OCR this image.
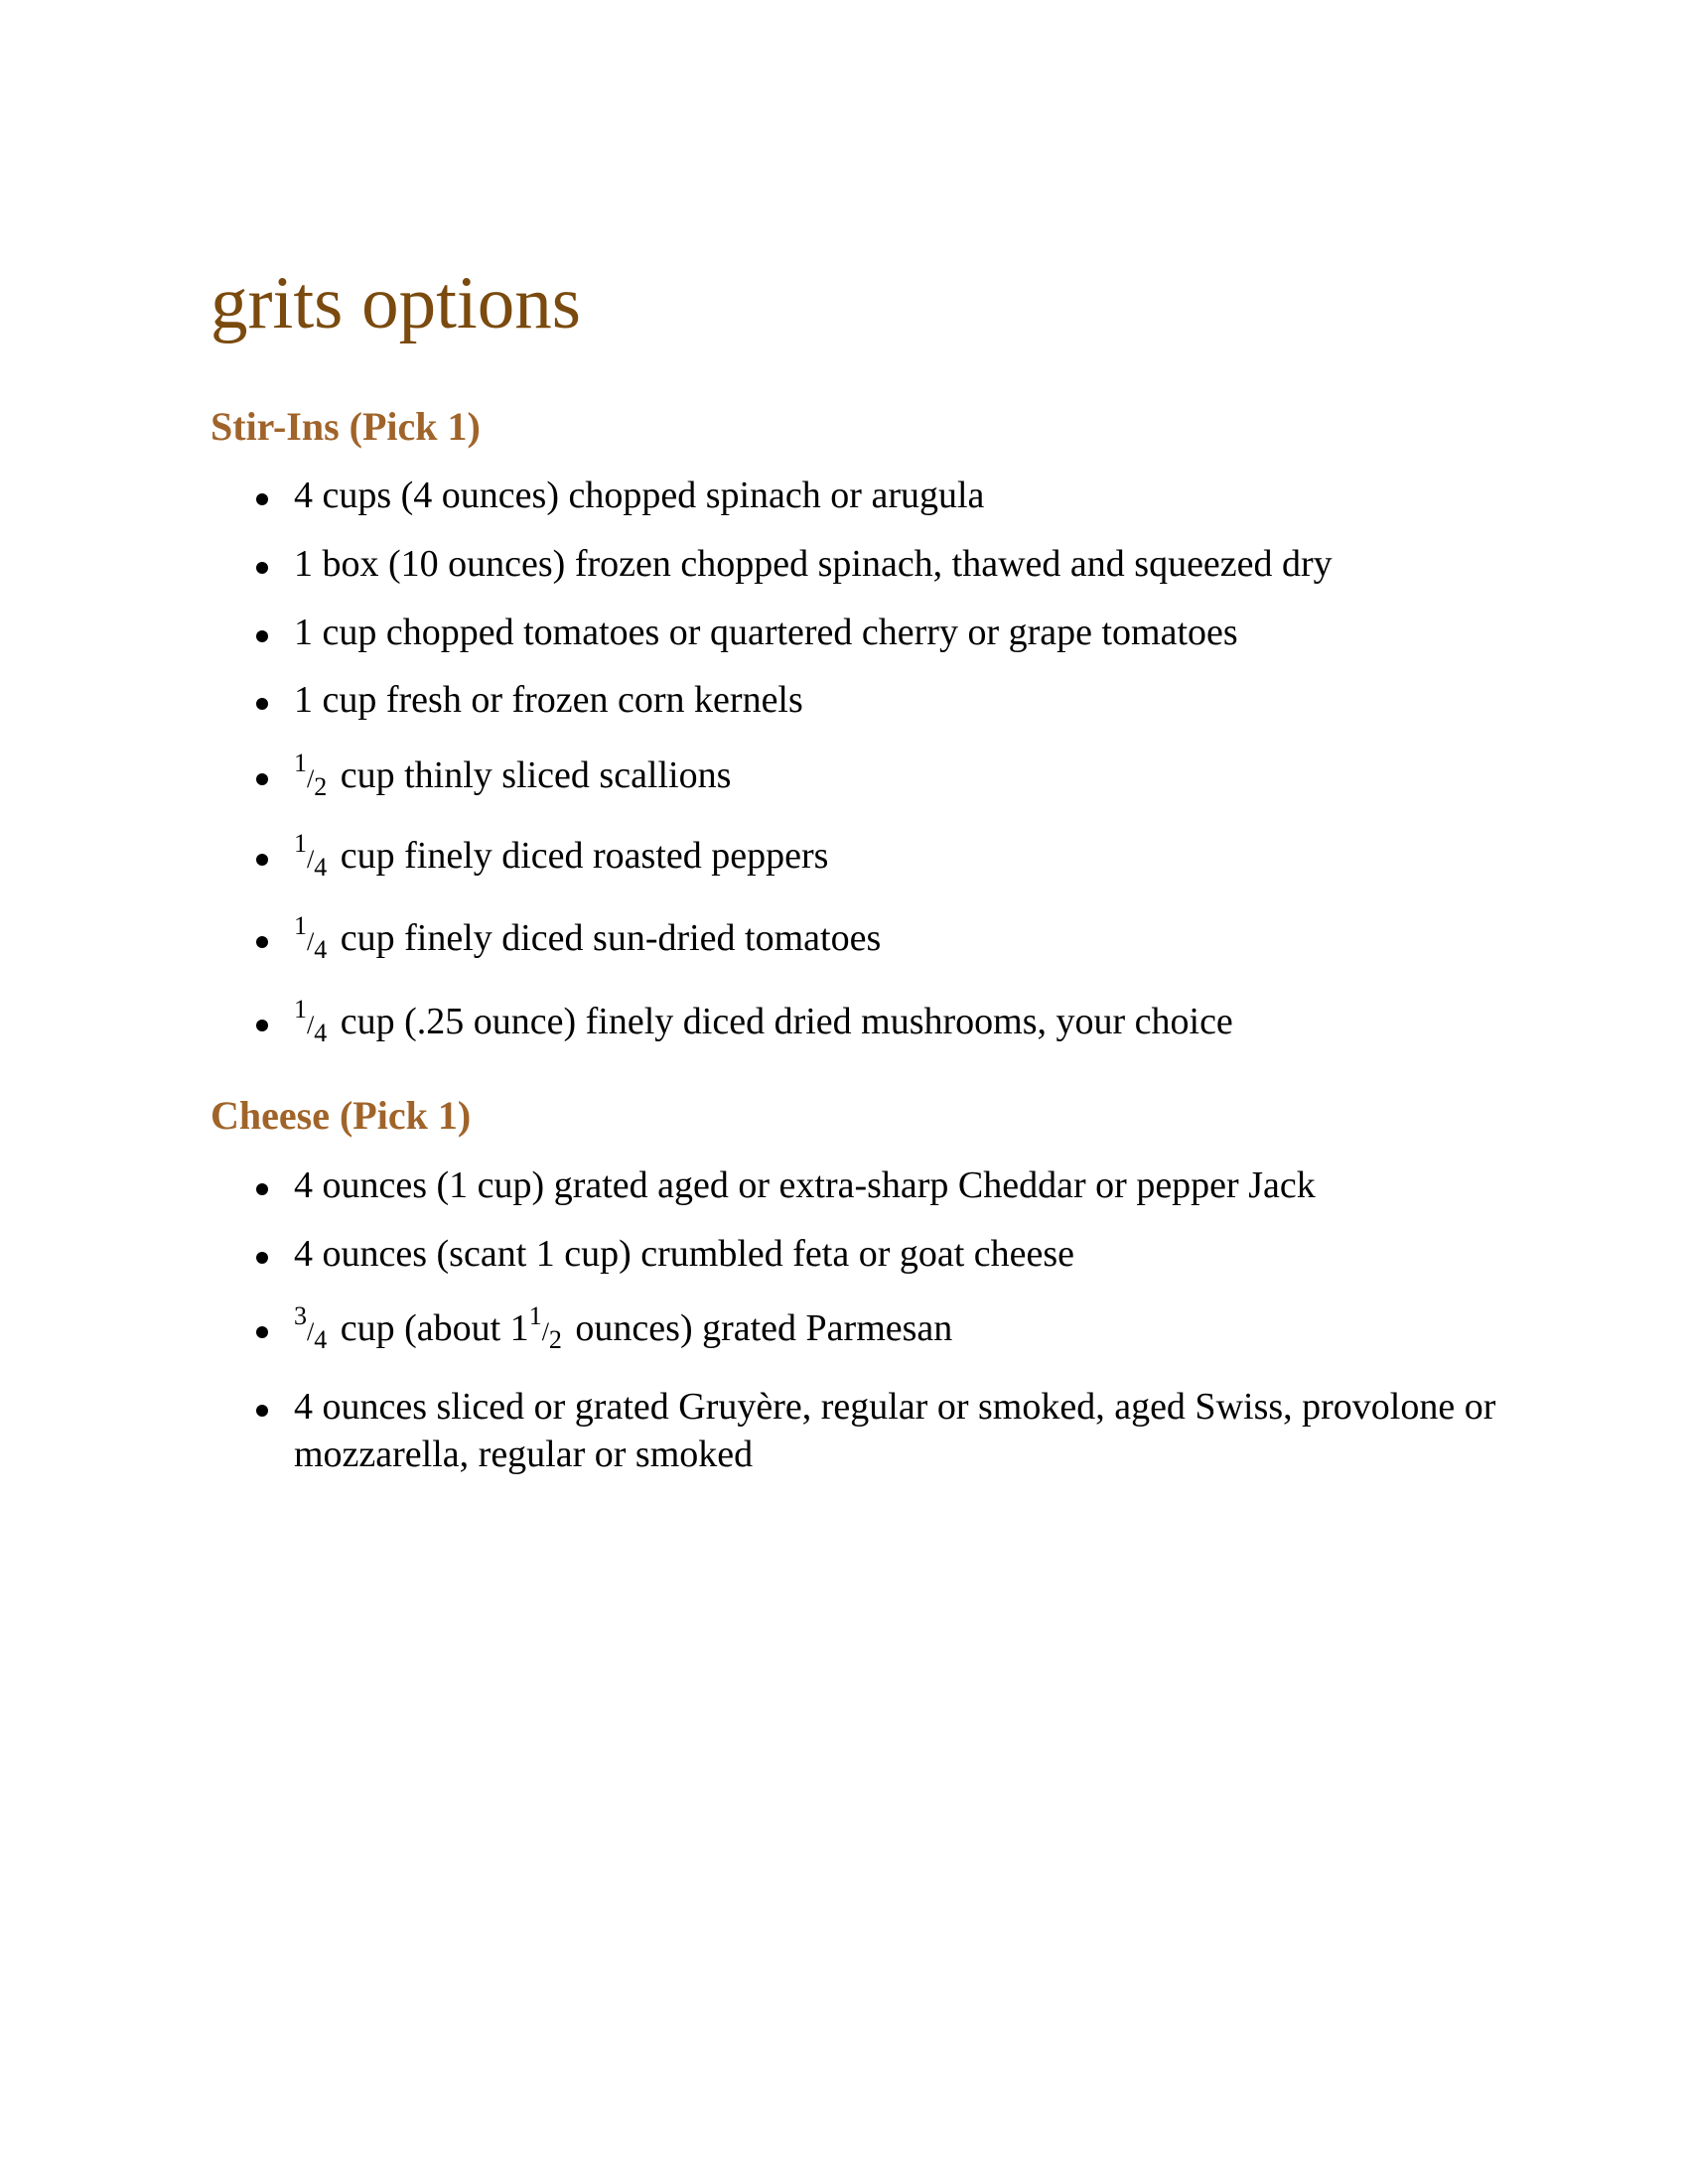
grits options
Stir-Ins (Pick 1)
4 cups (4 ounces) chopped spinach or arugula
1 box (10 ounces) frozen chopped spinach, thawed and squeezed dry
1 cup chopped tomatoes or quartered cherry or grape tomatoes
1 cup fresh or frozen corn kernels
$^1/_2$ cup thinly sliced scallions
$^1/_4$ cup finely diced roasted peppers
$^1/_4$ cup finely diced sun-dried tomatoes
$^1/_4$ cup (.25 ounce) finely diced dried mushrooms, your choice
Cheese (Pick 1)
4 ounces (1 cup) grated aged or extra-sharp Cheddar or pepper Jack
4 ounces (scant 1 cup) crumbled feta or goat cheese
$^3/_4$ cup (about $1^1/_2$ ounces) grated Parmesan
4 ounces sliced or grated Gruyère, regular or smoked, aged Swiss, provolone or mozzarella, regular or smoked
